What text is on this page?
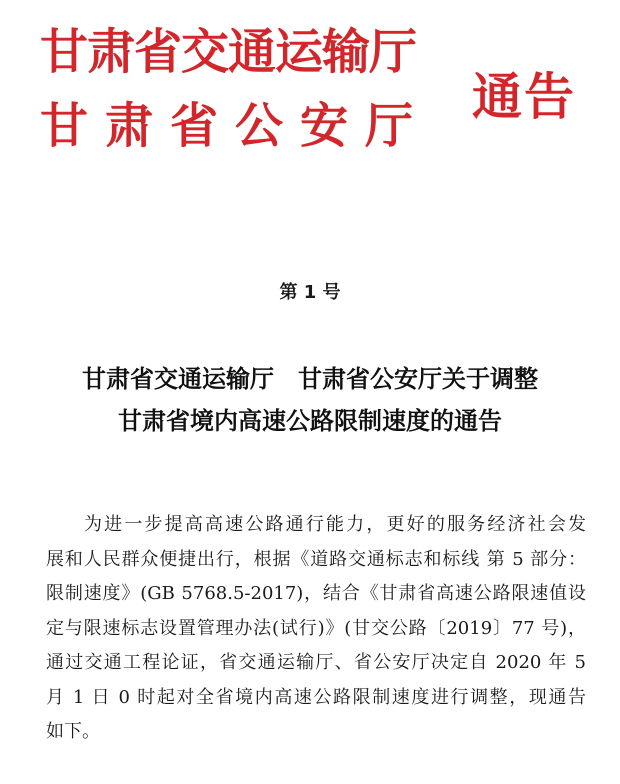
甘肃省交通运输厅
甘肃省公安厅 通告

第 1 号

甘肃省交通运输厅　甘肃省公安厅关于调整
甘肃省境内高速公路限制速度的通告

为进一步提高高速公路通行能力，更好的服务经济社会发
展和人民群众便捷出行，根据《道路交通标志和标线 第 5 部分：
限制速度》(GB 5768.5-2017)，结合《甘肃省高速公路限速值设
定与限速标志设置管理办法(试行)》(甘交公路〔2019〕77 号)，
通过交通工程论证，省交通运输厅、省公安厅决定自 2020 年 5
月 1 日 0 时起对全省境内高速公路限制速度进行调整，现通告
如下。
